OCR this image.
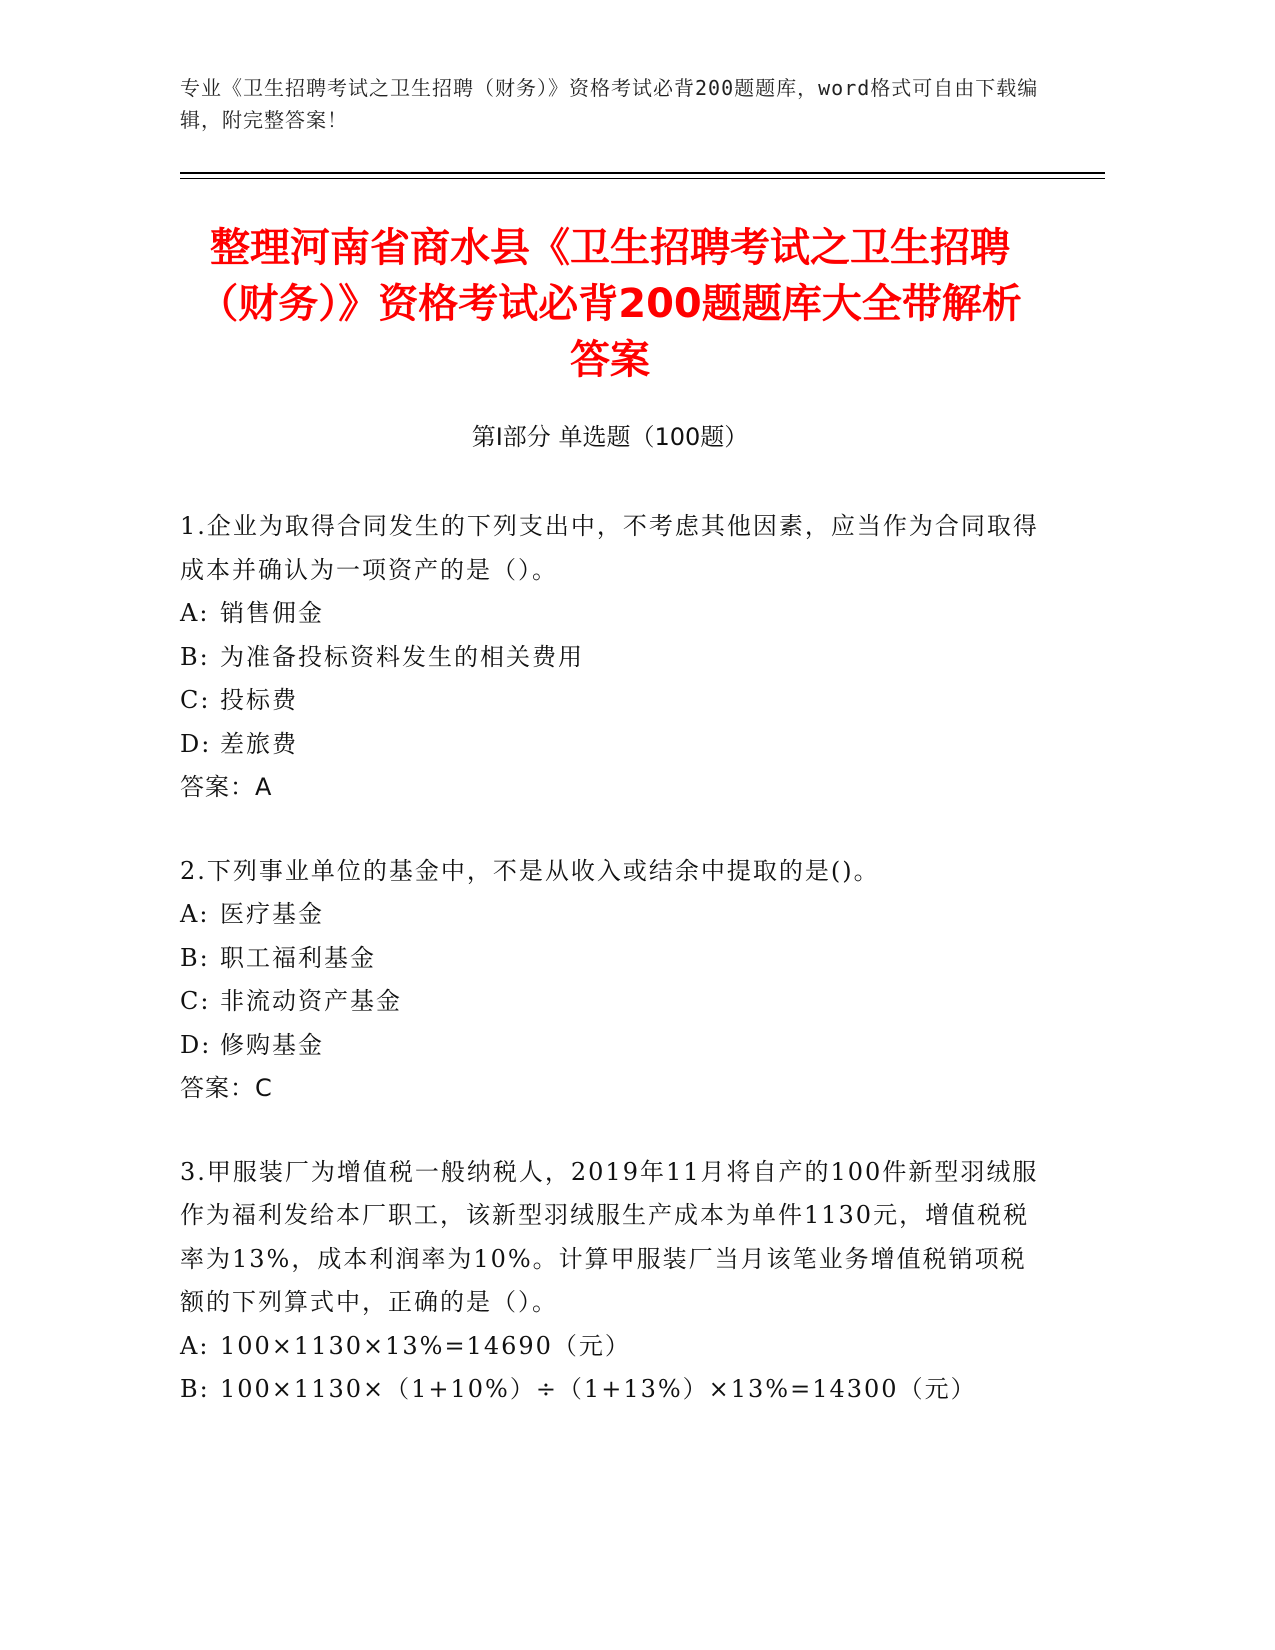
专业《卫生招聘考试之卫生招聘（财务）》资格考试必背200题题库，word格式可自由下载编辑，附完整答案！
整理河南省商水县《卫生招聘考试之卫生招聘（财务）》资格考试必背200题题库大全带解析答案
第Ⅰ部分 单选题（100题）
1.企业为取得合同发生的下列支出中，不考虑其他因素，应当作为合同取得成本并确认为一项资产的是（）。
A: 销售佣金
B: 为准备投标资料发生的相关费用
C: 投标费
D: 差旅费
答案：A
2.下列事业单位的基金中，不是从收入或结余中提取的是()。
A: 医疗基金
B: 职工福利基金
C: 非流动资产基金
D: 修购基金
答案：C
3.甲服装厂为增值税一般纳税人，2019年11月将自产的100件新型羽绒服作为福利发给本厂职工，该新型羽绒服生产成本为单件1130元，增值税税率为13%，成本利润率为10%。计算甲服装厂当月该笔业务增值税销项税额的下列算式中，正确的是（）。
A: 100×1130×13%=14690（元）
B: 100×1130×（1+10%）÷（1+13%）×13%=14300（元）
